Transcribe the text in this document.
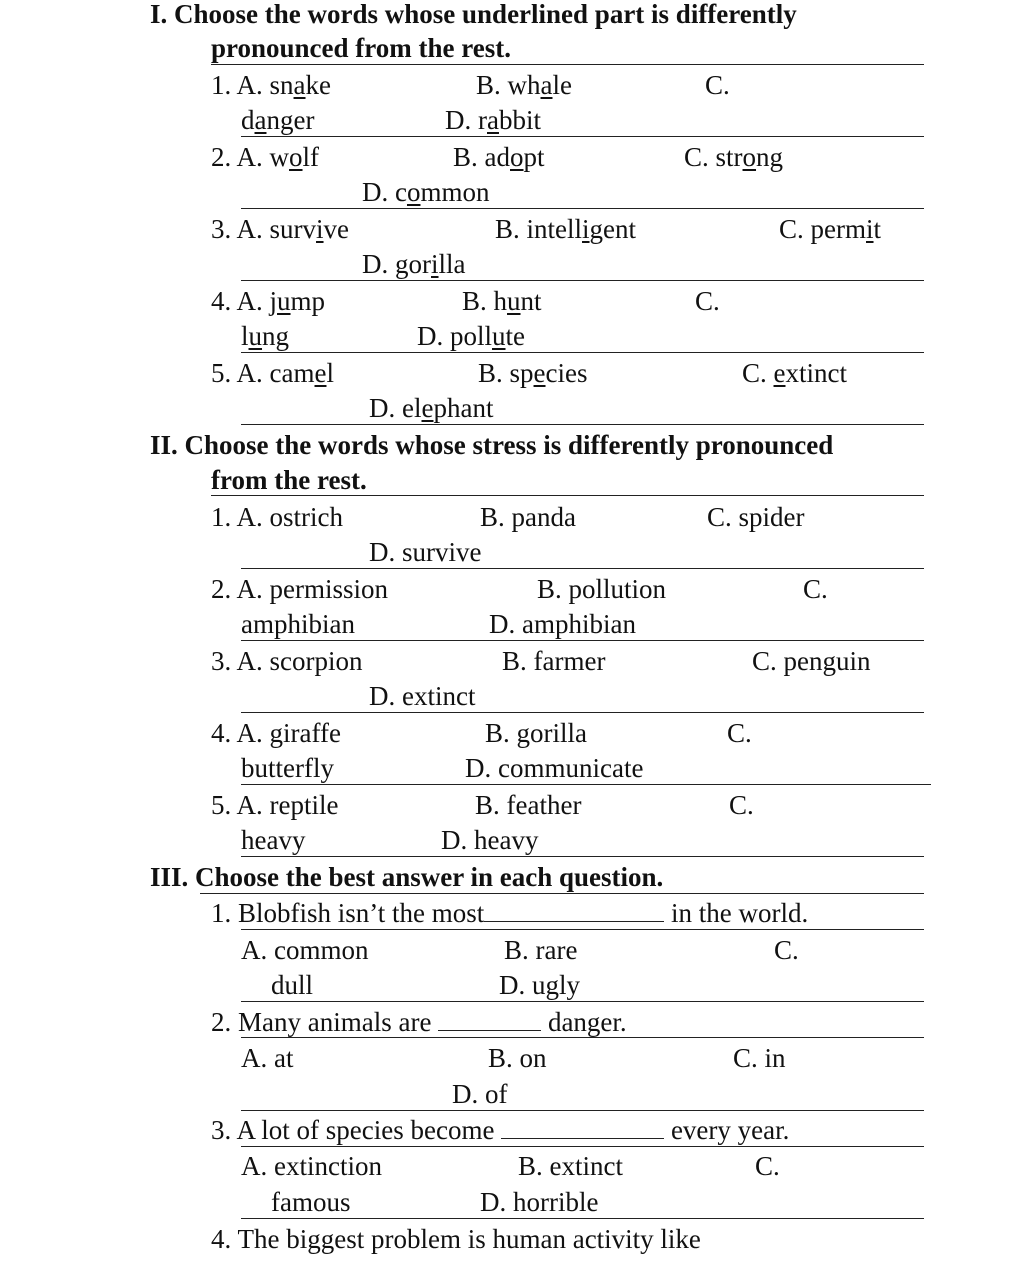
I. Choose the words whose underlined part is differently
pronounced from the rest.
1. A. snake	B. whale	C.
danger	D. rabbit
2. A. wolf	B. adopt	C. strong
D. common
3. A. survive	B. intelligent	C. permit
D. gorilla
4. A. jump	B. hunt	C.
lung	D. pollute
5. A. camel	B. species	C. extinct
D. elephant
II. Choose the words whose stress is differently pronounced
from the rest.
1. A. ostrich	B. panda	C. spider
D. survive
2. A. permission	B. pollution	C.
amphibian	D. amphibian
3. A. scorpion	B. farmer	C. penguin
D. extinct
4. A. giraffe	B. gorilla	C.
butterfly	D. communicate
5. A. reptile	B. feather	C.
heavy	D. heavy
III. Choose the best answer in each question.
1. Blobfish isn’t the most	in the world.
A. common	B. rare	C.
dull	D. ugly
2. Many animals are	danger.
A. at	B. on	C. in
D. of
3. A lot of species become	every year.
A. extinction	B. extinct	C.
famous	D. horrible
4. The biggest problem is human activity like
